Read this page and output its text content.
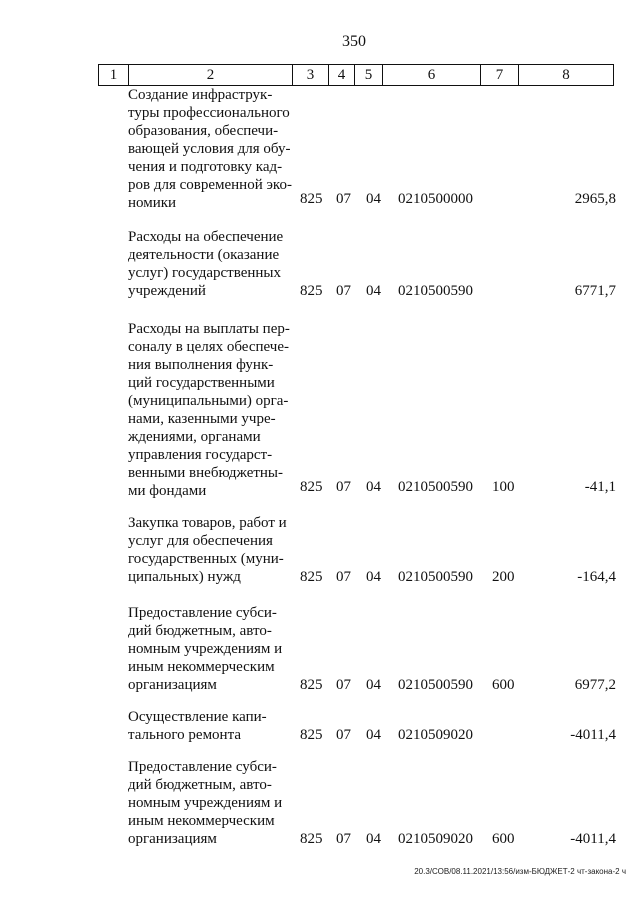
350
1	2	3	4	5	6	7	8
Создание инфраструк-
туры профессионального
образования, обеспечи-
вающей условия для обу-
чения и подготовку кад-
ров для современной эко-
номики	825 07 04 0210500000	2965,8
Расходы на обеспечение
деятельности (оказание
услуг) государственных
учреждений	825 07 04 0210500590	6771,7
Расходы на выплаты пер-
соналу в целях обеспече-
ния выполнения функ-
ций государственными
(муниципальными) орга-
нами, казенными учре-
ждениями, органами
управления государст-
венными внебюджетны-
ми фондами	825 07 04 0210500590 100	-41,1
Закупка товаров, работ и
услуг для обеспечения
государственных (муни-
ципальных) нужд	825 07 04 0210500590 200	-164,4
Предоставление субси-
дий бюджетным, авто-
номным учреждениям и
иным некоммерческим
организациям	825 07 04 0210500590 600	6977,2
Осуществление капи-
тального ремонта	825 07 04 0210509020	-4011,4
Предоставление субси-
дий бюджетным, авто-
номным учреждениям и
иным некоммерческим
организациям	825 07 04 0210509020 600	-4011,4
20.3/СОВ/08.11.2021/13:56/изм-БЮДЖЕТ-2 чт-закона-2 ч
